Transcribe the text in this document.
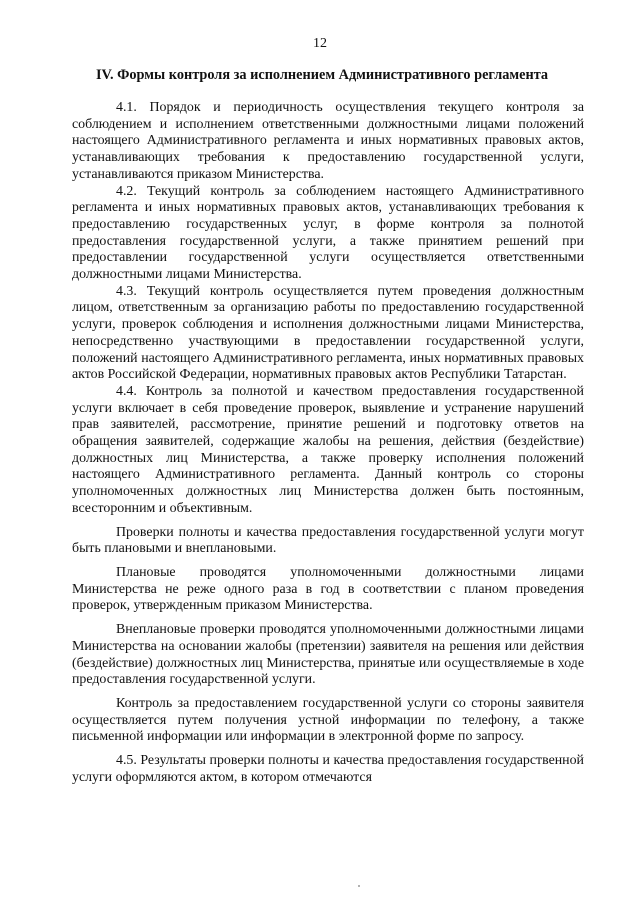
12
IV. Формы контроля за исполнением Административного регламента

4.1. Порядок и периодичность осуществления текущего контроля за соблюдением и исполнением ответственными должностными лицами положений настоящего Административного регламента и иных нормативных правовых актов, устанавливающих требования к предоставлению государственной услуги, устанавливаются приказом Министерства.

4.2. Текущий контроль за соблюдением настоящего Административного регламента и иных нормативных правовых актов, устанавливающих требования к предоставлению государственных услуг, в форме контроля за полнотой предоставления государственной услуги, а также принятием решений при предоставлении государственной услуги осуществляется ответственными должностными лицами Министерства.

4.3. Текущий контроль осуществляется путем проведения должностным лицом, ответственным за организацию работы по предоставлению государственной услуги, проверок соблюдения и исполнения должностными лицами Министерства, непосредственно участвующими в предоставлении государственной услуги, положений настоящего Административного регламента, иных нормативных правовых актов Российской Федерации, нормативных правовых актов Республики Татарстан.

4.4. Контроль за полнотой и качеством предоставления государственной услуги включает в себя проведение проверок, выявление и устранение нарушений прав заявителей, рассмотрение, принятие решений и подготовку ответов на обращения заявителей, содержащие жалобы на решения, действия (бездействие) должностных лиц Министерства, а также проверку исполнения положений настоящего Административного регламента. Данный контроль со стороны уполномоченных должностных лиц Министерства должен быть постоянным, всесторонним и объективным.

Проверки полноты и качества предоставления государственной услуги могут быть плановыми и внеплановыми.

Плановые проводятся уполномоченными должностными лицами Министерства не реже одного раза в год в соответствии с планом проведения проверок, утвержденным приказом Министерства.

Внеплановые проверки проводятся уполномоченными должностными лицами Министерства на основании жалобы (претензии) заявителя на решения или действия (бездействие) должностных лиц Министерства, принятые или осуществляемые в ходе предоставления государственной услуги.

Контроль за предоставлением государственной услуги со стороны заявителя осуществляется путем получения устной информации по телефону, а также письменной информации или информации в электронной форме по запросу.

4.5. Результаты проверки полноты и качества предоставления государственной услуги оформляются актом, в котором отмечаются
